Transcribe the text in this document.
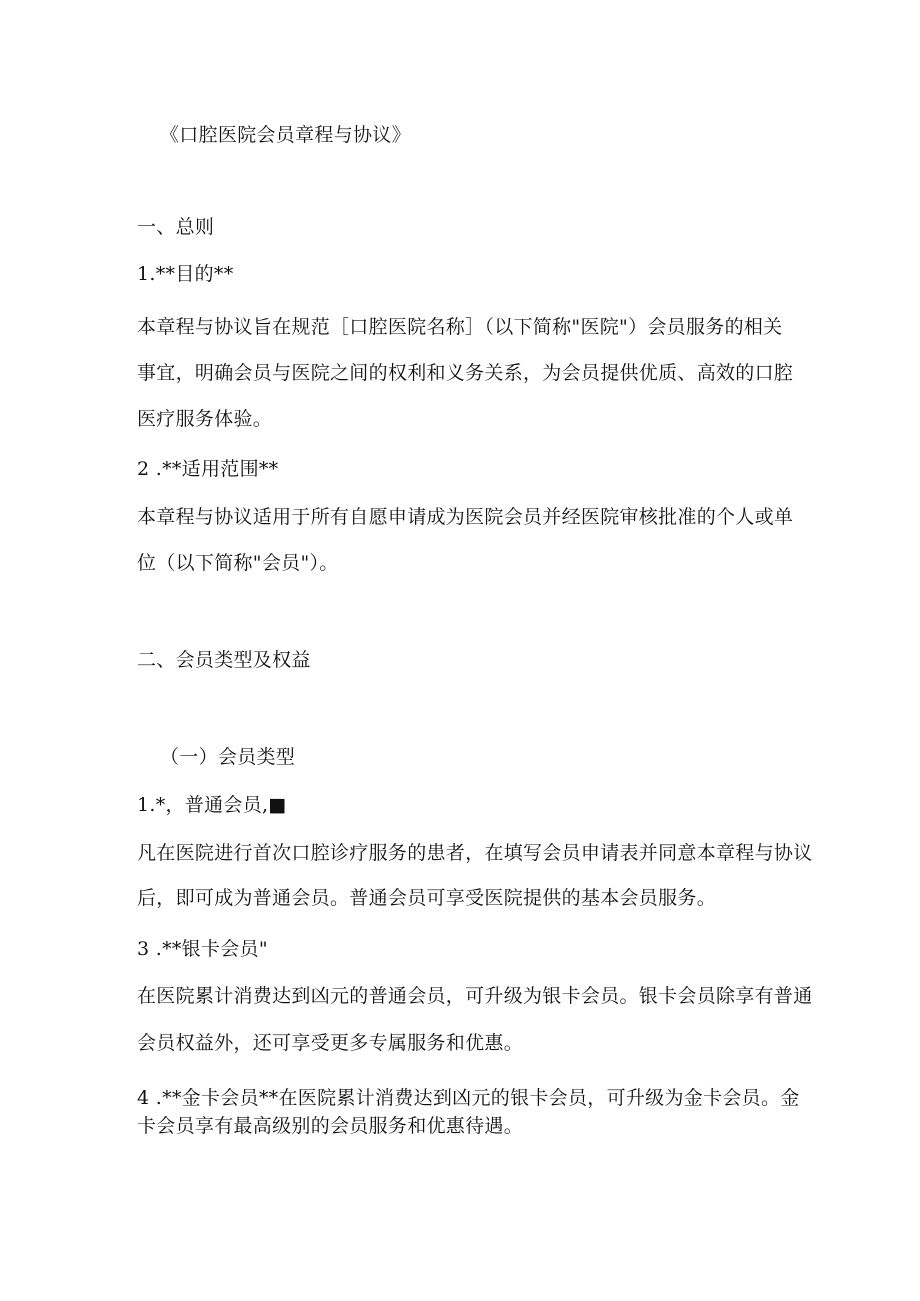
《口腔医院会员章程与协议》
一、总则
1.**目的**
本章程与协议旨在规范［口腔医院名称］（以下简称"医院"）会员服务的相关
事宜，明确会员与医院之间的权利和义务关系，为会员提供优质、高效的口腔
医疗服务体验。
2 .**适用范围**
本章程与协议适用于所有自愿申请成为医院会员并经医院审核批准的个人或单
位（以下简称"会员"）。
二、会员类型及权益
（一）会员类型
1.*，普通会员,■
凡在医院进行首次口腔诊疗服务的患者，在填写会员申请表并同意本章程与协议
后，即可成为普通会员。普通会员可享受医院提供的基本会员服务。
3 .**银卡会员"
在医院累计消费达到凶元的普通会员，可升级为银卡会员。银卡会员除享有普通
会员权益外，还可享受更多专属服务和优惠。
4 .**金卡会员**在医院累计消费达到凶元的银卡会员，可升级为金卡会员。金
卡会员享有最高级别的会员服务和优惠待遇。
